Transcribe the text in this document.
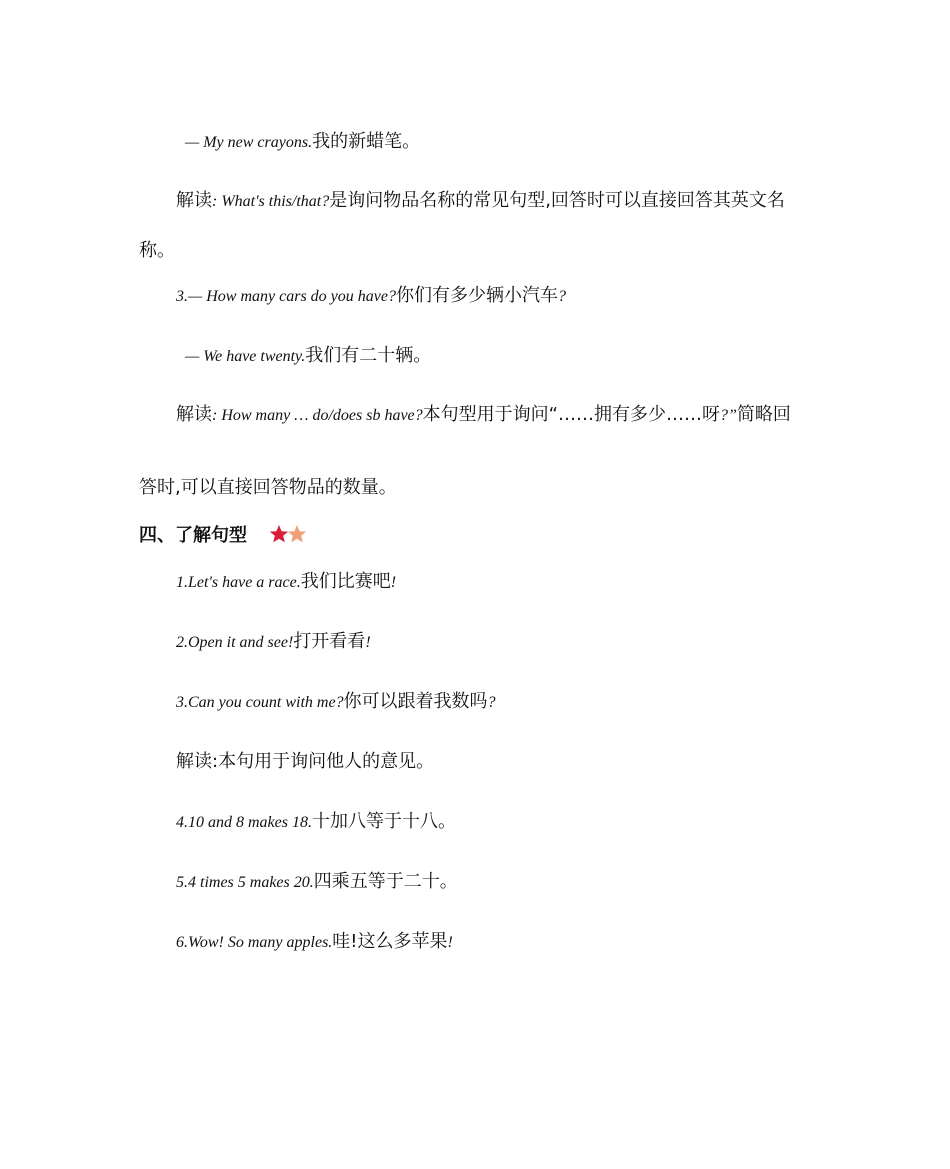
— My new crayons.我的新蜡笔。
解读: What's this/that?是询问物品名称的常见句型,回答时可以直接回答其英文名
称。
3.— How many cars do you have?你们有多少辆小汽车?
— We have twenty.我们有二十辆。
解读: How many … do/does sb have?本句型用于询问“……拥有多少……呀?”简略回
答时,可以直接回答物品的数量。
四、了解句型
1.Let's have a race.我们比赛吧!
2.Open it and see!打开看看!
3.Can you count with me?你可以跟着我数吗?
解读:本句用于询问他人的意见。
4.10 and 8 makes 18.十加八等于十八。
5.4 times 5 makes 20.四乘五等于二十。
6.Wow! So many apples.哇!这么多苹果!
